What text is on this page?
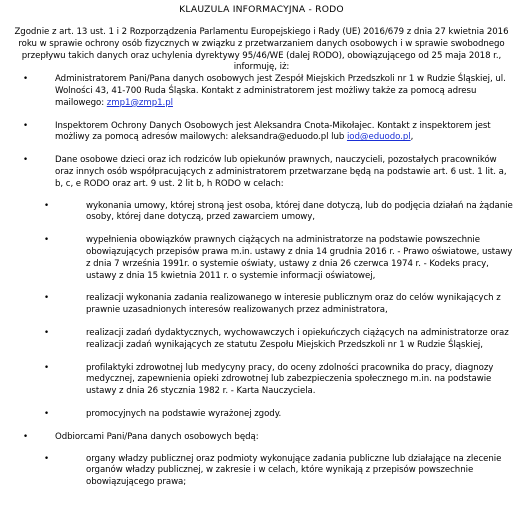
KLAUZULA INFORMACYJNA - RODO

Zgodnie z art. 13 ust. 1 i 2 Rozporządzenia Parlamentu Europejskiego i Rady (UE) 2016/679 z dnia 27 kwietnia 2016 roku w sprawie ochrony osób fizycznych w związku z przetwarzaniem danych osobowych i w sprawie swobodnego przepływu takich danych oraz uchylenia dyrektywy 95/46/WE (dalej RODO), obowiązującego od 25 maja 2018 r., informuję, iż:

•	Administratorem Pani/Pana danych osobowych jest Zespół Miejskich Przedszkoli nr 1 w Rudzie Śląskiej, ul. Wolności 43, 41-700 Ruda Śląska. Kontakt z administratorem jest możliwy także za pomocą adresu mailowego: zmp1@zmp1.pl
•	Inspektorem Ochrony Danych Osobowych jest Aleksandra Cnota-Mikołajec. Kontakt z inspektorem jest możliwy za pomocą adresów mailowych: aleksandra@eduodo.pl lub iod@eduodo.pl,
•	Dane osobowe dzieci oraz ich rodziców lub opiekunów prawnych, nauczycieli, pozostałych pracowników oraz innych osób współpracujących z administratorem przetwarzane będą na podstawie art. 6 ust. 1 lit. a, b, c, e RODO oraz art. 9 ust. 2 lit b, h RODO w celach:
•	wykonania umowy, której stroną jest osoba, której dane dotyczą, lub do podjęcia działań na żądanie osoby, której dane dotyczą, przed zawarciem umowy,
•	wypełnienia obowiązków prawnych ciążących na administratorze na podstawie powszechnie obowiązujących przepisów prawa m.in. ustawy z dnia 14 grudnia 2016 r. - Prawo oświatowe, ustawy z dnia 7 września 1991r. o systemie oświaty, ustawy z dnia 26 czerwca 1974 r. - Kodeks pracy, ustawy z dnia 15 kwietnia 2011 r. o systemie informacji oświatowej,
•	realizacji wykonania zadania realizowanego w interesie publicznym oraz do celów wynikających z prawnie uzasadnionych interesów realizowanych przez administratora,
•	realizacji zadań dydaktycznych, wychowawczych i opiekuńczych ciążących na administratorze oraz realizacji zadań wynikających ze statutu Zespołu Miejskich Przedszkoli nr 1 w Rudzie Śląskiej,
•	profilaktyki zdrowotnej lub medycyny pracy, do oceny zdolności pracownika do pracy, diagnozy medycznej, zapewnienia opieki zdrowotnej lub zabezpieczenia społecznego m.in. na podstawie ustawy z dnia 26 stycznia 1982 r. - Karta Nauczyciela.
•	promocyjnych na podstawie wyrażonej zgody.
•	Odbiorcami Pani/Pana danych osobowych będą:
•	organy władzy publicznej oraz podmioty wykonujące zadania publiczne lub działające na zlecenie organów władzy publicznej, w zakresie i w celach, które wynikają z przepisów powszechnie obowiązującego prawa;
